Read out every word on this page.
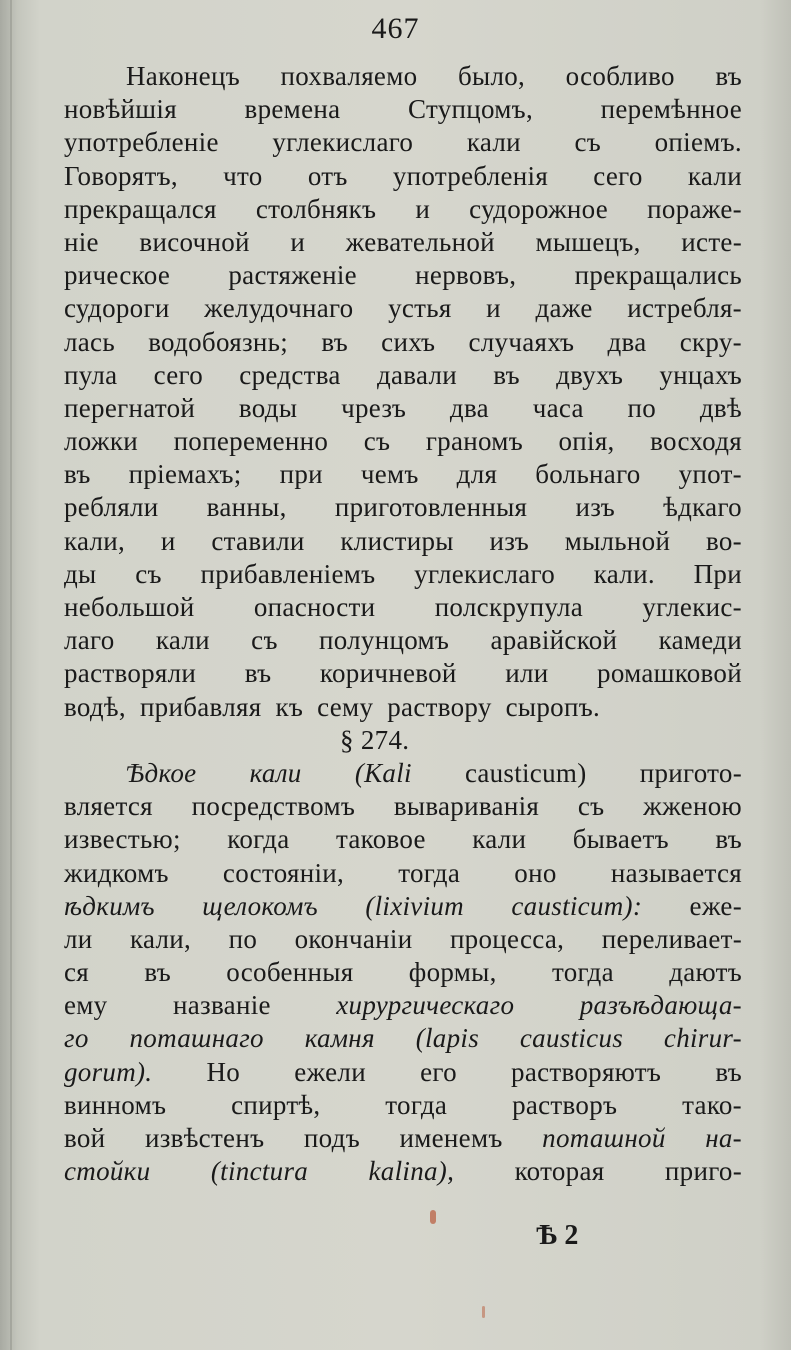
467
Наконецъ похваляемо было, особливо въ
новѣйшія	времена	Ступцомъ,	перемѣнное
употребленіе углекислаго кали съ опіемъ.
Говорятъ, что отъ употребленія сего кали
прекращался столбнякъ и судорожное пораже-
ніе височной и жевательной мышецъ, исте-
рическое растяженіе нервовъ, прекращались
судороги желудочнаго устья и даже истребля-
лась водобоязнь; въ сихъ случаяхъ два скру-
пула сего средства давали въ двухъ унцахъ
перегнатой воды чрезъ два часа по двѣ
ложки попеременно съ граномъ опія, восходя
въ пріемахъ; при чемъ для больнаго упот-
ребляли ванны, приготовленныя изъ ѣдкаго
кали, и ставили клистиры изъ мыльной во-
ды съ прибавленіемъ углекислаго кали. При
небольшой опасности полскрупула углекис-
лаго кали съ полунцомъ аравійской камеди
растворяли въ коричневой или ромашковой
водѣ, прибавляя къ сему раствору сыропъ.
§ 274.
Ѣдкое кали (Kali causticum) пригото-
вляется посредствомъ вывариванія съ жженою
известью; когда таковое кали бываетъ въ
жидкомъ состояніи, тогда оно называется
ѣдкимъ щелокомъ (lixivium causticum): еже-
ли кали, по окончаніи процесса, переливает-
ся въ особенныя формы, тогда даютъ
ему названіе хирургическаго разъѣдающа-
го поташнаго камня (lapis causticus chirur-
gorum). Но ежели его растворяютъ въ
винномъ спиртѣ, тогда растворъ тако-
вой извѣстенъ подъ именемъ поташной на-
стойки (tinctura kalina), которая приго-
Ѣ 2
